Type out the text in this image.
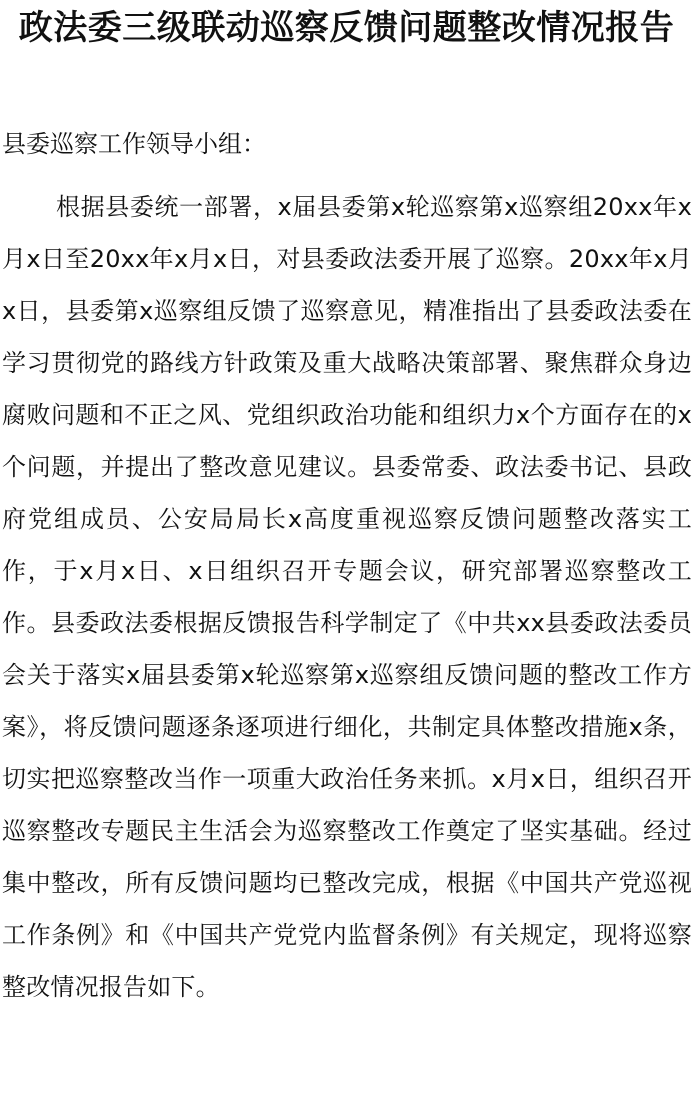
政法委三级联动巡察反馈问题整改情况报告

县委巡察工作领导小组：

根据县委统一部署，x届县委第x轮巡察第x巡察组20xx年x月x日至20xx年x月x日，对县委政法委开展了巡察。20xx年x月x日，县委第x巡察组反馈了巡察意见，精准指出了县委政法委在学习贯彻党的路线方针政策及重大战略决策部署、聚焦群众身边腐败问题和不正之风、党组织政治功能和组织力x个方面存在的x个问题，并提出了整改意见建议。县委常委、政法委书记、县政府党组成员、公安局局长x高度重视巡察反馈问题整改落实工作，于x月x日、x日组织召开专题会议，研究部署巡察整改工作。县委政法委根据反馈报告科学制定了《中共xx县委政法委员会关于落实x届县委第x轮巡察第x巡察组反馈问题的整改工作方案》，将反馈问题逐条逐项进行细化，共制定具体整改措施x条，切实把巡察整改当作一项重大政治任务来抓。x月x日，组织召开巡察整改专题民主生活会为巡察整改工作奠定了坚实基础。经过集中整改，所有反馈问题均已整改完成，根据《中国共产党巡视工作条例》和《中国共产党党内监督条例》有关规定，现将巡察整改情况报告如下。
